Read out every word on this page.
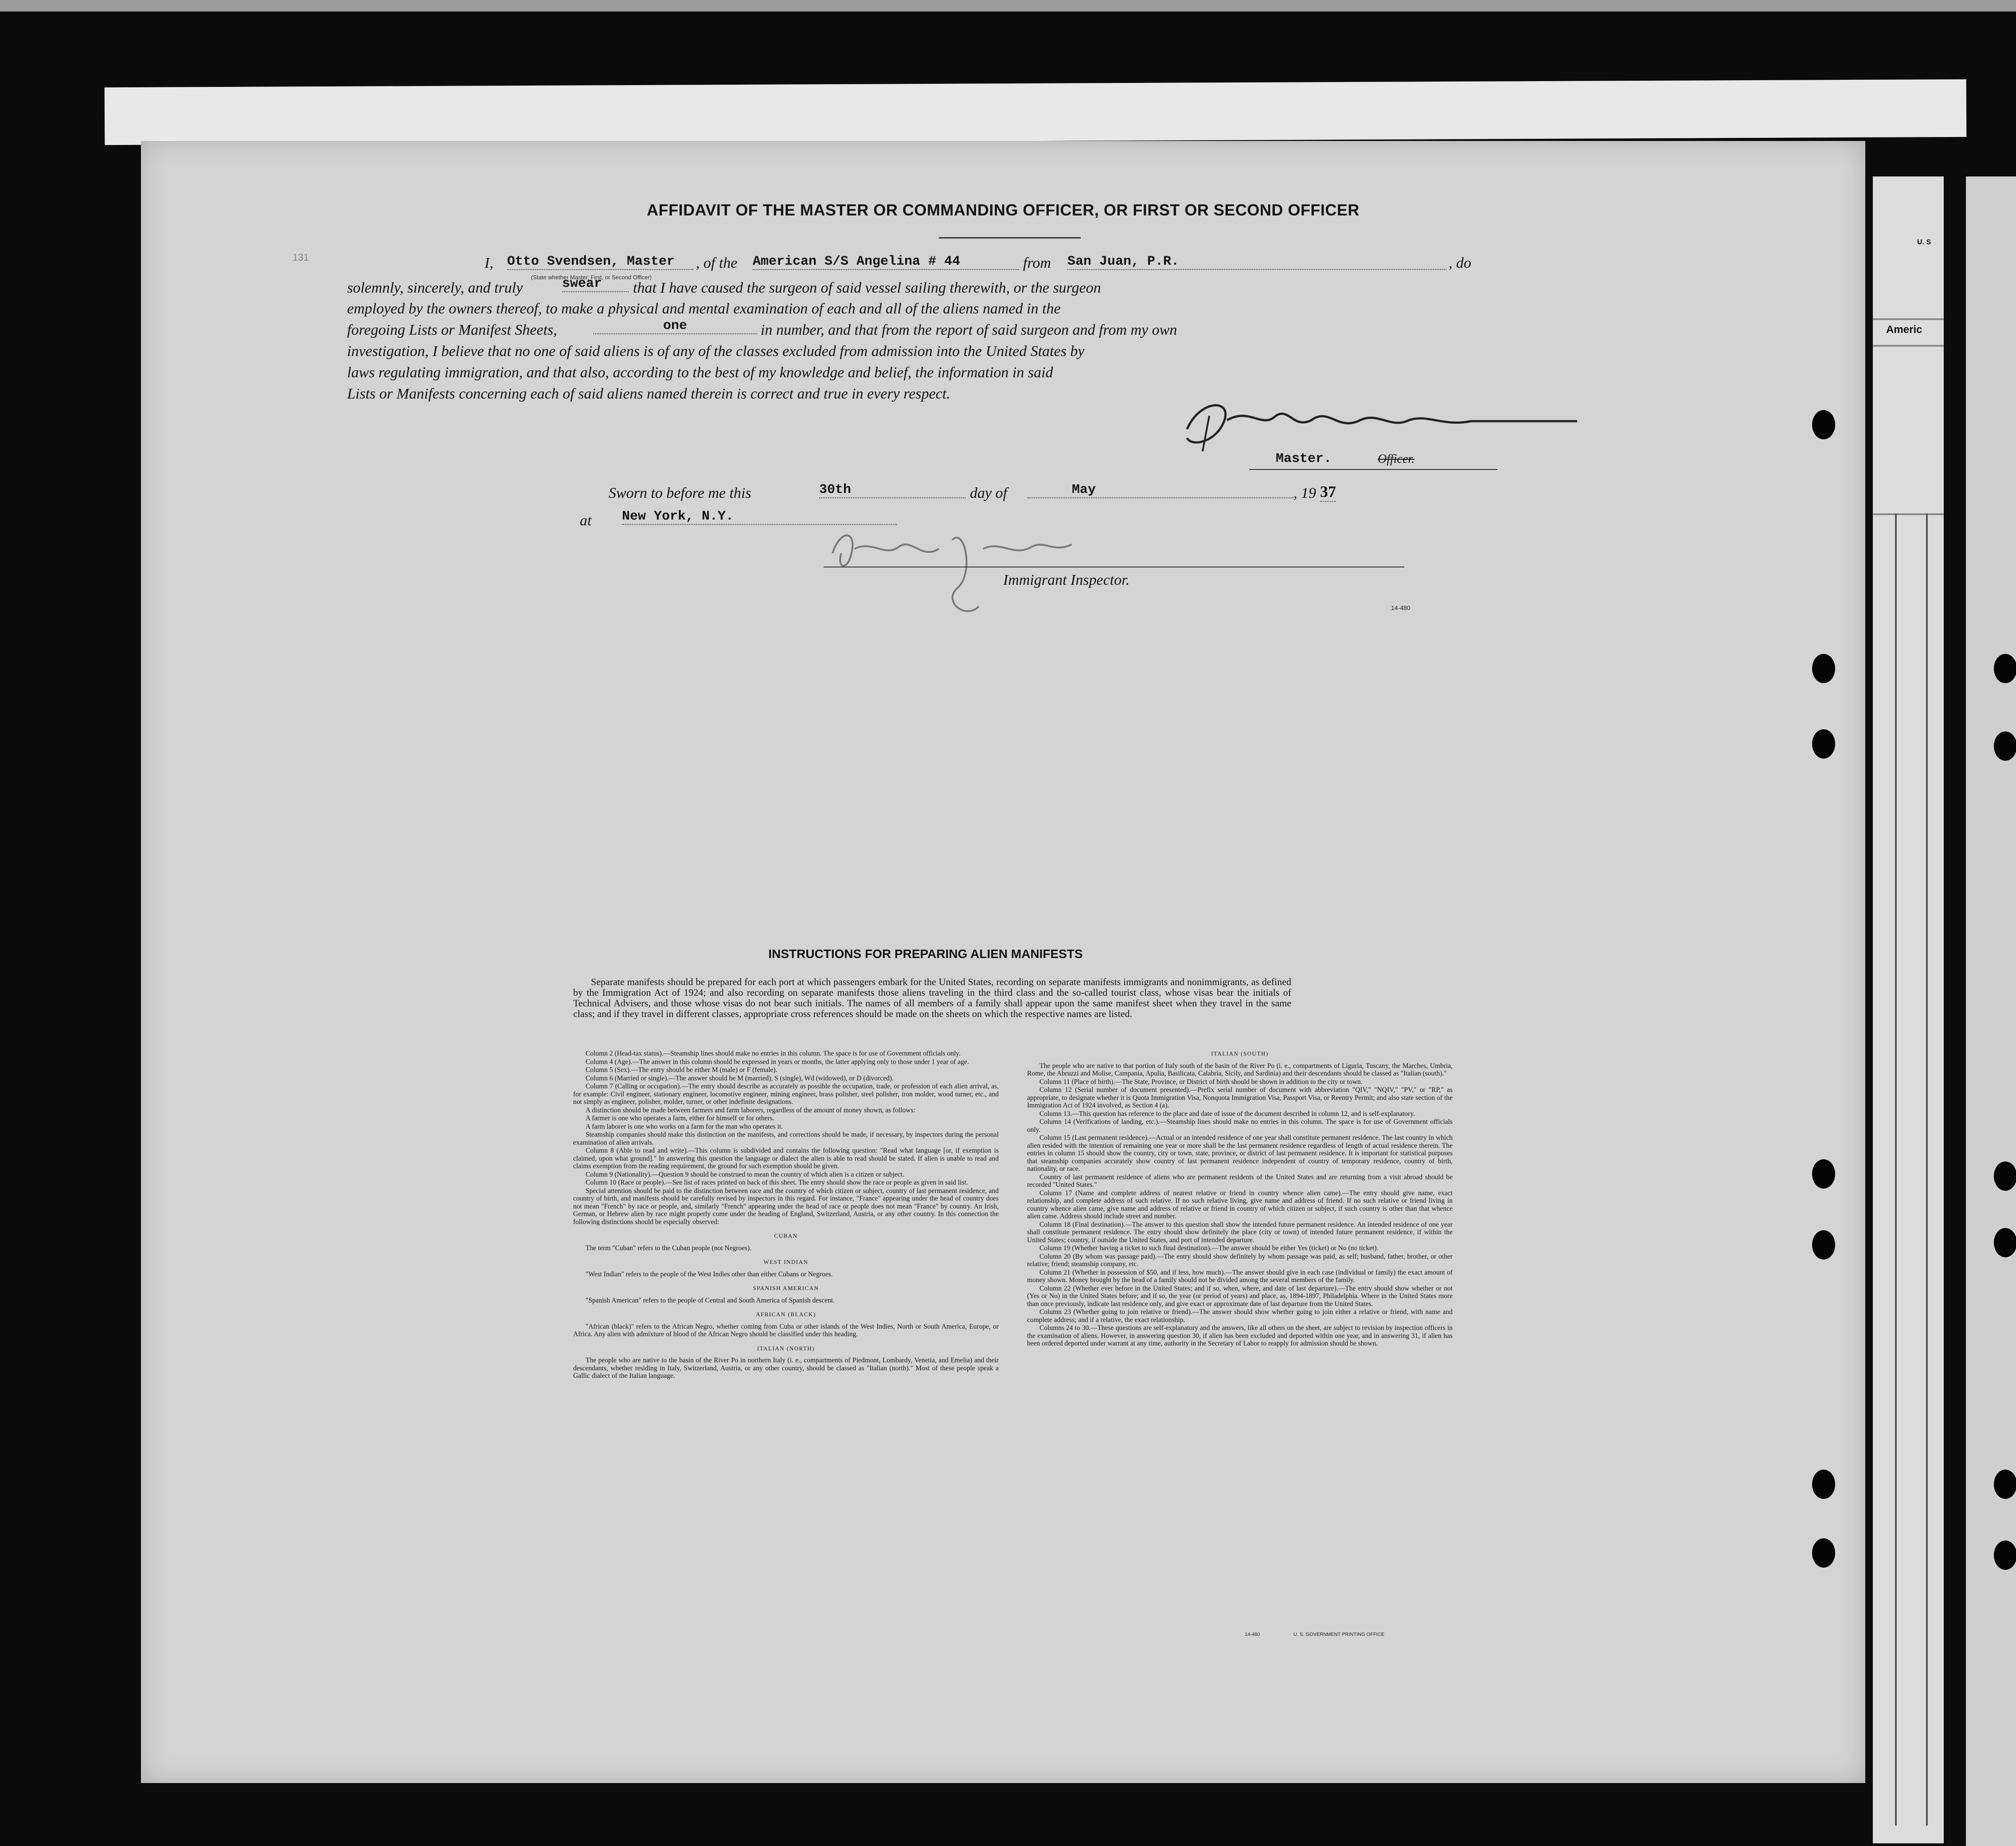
131
AFFIDAVIT OF THE MASTER OR COMMANDING OFFICER, OR FIRST OR SECOND OFFICER
I, Otto Svendsen, Master	, of the American S/S Angelina # 44	from San Juan, P.R.	, do
(State whether Master, First, or Second Officer)
solemnly, sincerely, and truly	swear	that I have caused the surgeon of said vessel sailing therewith, or the surgeon
employed by the owners thereof, to make a physical and mental examination of each and all of the aliens named in the
foregoing Lists or Manifest Sheets,	one	in number, and that from the report of said surgeon and from my own
investigation, I believe that no one of said aliens is of any of the classes excluded from admission into the United States by
laws regulating immigration, and that also, according to the best of my knowledge and belief, the information in said
Lists or Manifests concerning each of said aliens named therein is correct and true in every respect.
Master.	Officer.
Sworn to before me this	30th	day of	May	, 19 37
at New York, N.Y.
Immigrant Inspector.
14-480
INSTRUCTIONS FOR PREPARING ALIEN MANIFESTS
Separate manifests should be prepared for each port at which passengers embark for the United States, recording on separate manifests immigrants and nonimmigrants, as defined by the Immigration Act of 1924; and also recording on separate manifests those aliens traveling in the third class and the so-called tourist class, whose visas bear the initials of Technical Advisers, and those whose visas do not bear such initials. The names of all members of a family shall appear upon the same manifest sheet when they travel in the same class; and if they travel in different classes, appropriate cross references should be made on the sheets on which the respective names are listed.

Column 2 (Head-tax status).—Steamship lines should make no entries in this column. The space is for use of Government officials only.

Column 4 (Age).—The answer in this column should be expressed in years or months, the latter applying only to those under 1 year of age.

Column 5 (Sex).—The entry should be either M (male) or F (female).

Column 6 (Married or single).—The answer should be M (married), S (single), Wd (widowed), or D (divorced).

Column 7 (Calling or occupation).—The entry should describe as accurately as possible the occupation, trade, or profession of each alien arrival, as, for example: Civil engineer, stationary engineer, locomotive engineer, mining engineer, brass polisher, steel polisher, iron molder, wood turner, etc., and not simply as engineer, polisher, molder, turner, or other indefinite designations.

A distinction should be made between farmers and farm laborers, regardless of the amount of money shown, as follows:

A farmer is one who operates a farm, either for himself or for others.

A farm laborer is one who works on a farm for the man who operates it.

Steamship companies should make this distinction on the manifests, and corrections should be made, if necessary, by inspectors during the personal examination of alien arrivals.

Column 8 (Able to read and write).—This column is subdivided and contains the following question: "Read what language [or, if exemption is claimed, upon what ground]." In answering this question the language or dialect the alien is able to read should be stated. If alien is unable to read and claims exemption from the reading requirement, the ground for such exemption should be given.

Column 9 (Nationality).—Question 9 should be construed to mean the country of which alien is a citizen or subject.

Column 10 (Race or people).—See list of races printed on back of this sheet. The entry should show the race or people as given in said list.

Special attention should be paid to the distinction between race and the country of which citizen or subject, country of last permanent residence, and country of birth, and manifests should be carefully revised by inspectors in this regard. For instance, "France" appearing under the head of country does not mean "French" by race or people, and, similarly "French" appearing under the head of race or people does not mean "France" by country. An Irish, German, or Hebrew alien by race might properly come under the heading of England, Switzerland, Austria, or any other country. In this connection the following distinctions should be especially observed:

CUBAN

The term "Cuban" refers to the Cuban people (not Negroes).

WEST INDIAN

"West Indian" refers to the people of the West Indies other than either Cubans or Negroes.

SPANISH AMERICAN

"Spanish American" refers to the people of Central and South America of Spanish descent.

AFRICAN (BLACK)

"African (black)" refers to the African Negro, whether coming from Cuba or other islands of the West Indies, North or South America, Europe, or Africa. Any alien with admixture of blood of the African Negro should be classified under this heading.

ITALIAN (NORTH)

The people who are native to the basin of the River Po in northern Italy (i. e., compartments of Piedmont, Lombardy, Venetia, and Emelia) and their descendants, whether residing in Italy, Switzerland, Austria, or any other country, should be classed as "Italian (north)." Most of these people speak a Gallic dialect of the Italian language.

ITALIAN (SOUTH)

The people who are native to that portion of Italy south of the basin of the River Po (i. e., compartments of Liguria, Tuscany, the Marches, Umbria, Rome, the Abruzzi and Molise, Campania, Apulia, Basilicata, Calabria, Sicily, and Sardinia) and their descendants should be classed as "Italian (south)."

Column 11 (Place of birth).—The State, Province, or District of birth should be shown in addition to the city or town.

Column 12 (Serial number of document presented).—Prefix serial number of document with abbreviation "QIV," "NQIV," "PV," or "RP," as appropriate, to designate whether it is Quota Immigration Visa, Nonquota Immigration Visa, Passport Visa, or Reentry Permit; and also state section of the Immigration Act of 1924 involved, as Section 4 (a).

Column 13.—This question has reference to the place and date of issue of the document described in column 12, and is self-explanatory.

Column 14 (Verifications of landing, etc.).—Steamship lines should make no entries in this column. The space is for use of Government officials only.

Column 15 (Last permanent residence).—Actual or an intended residence of one year shall constitute permanent residence. The last country in which alien resided with the intention of remaining one year or more shall be the last permanent residence regardless of length of actual residence therein. The entries in column 15 should show the country, city or town, state, province, or district of last permanent residence. It is important for statistical purposes that steamship companies accurately show country of last permanent residence independent of country of temporary residence, country of birth, nationality, or race.

Country of last permanent residence of aliens who are permanent residents of the United States and are returning from a visit abroad should be recorded "United States."

Column 17 (Name and complete address of nearest relative or friend in country whence alien came).—The entry should give name, exact relationship, and complete address of such relative. If no such relative living, give name and address of friend. If no such relative or friend living in country whence alien came, give name and address of relative or friend in country of which citizen or subject, if such country is other than that whence alien came. Address should include street and number.

Column 18 (Final destination).—The answer to this question shall show the intended future permanent residence. An intended residence of one year shall constitute permanent residence. The entry should show definitely the place (city or town) of intended future permanent residence, if within the United States; country, if outside the United States, and port of intended departure.

Column 19 (Whether having a ticket to such final destination).—The answer should be either Yes (ticket) or No (no ticket).

Column 20 (By whom was passage paid).—The entry should show definitely by whom passage was paid, as self; husband, father, brother, or other relative; friend; steamship company, etc.

Column 21 (Whether in possession of $50, and if less, how much).—The answer should give in each case (individual or family) the exact amount of money shown. Money brought by the head of a family should not be divided among the several members of the family.

Column 22 (Whether ever before in the United States; and if so, when, where, and date of last departure).—The entry should show whether or not (Yes or No) in the United States before; and if so, the year (or period of years) and place, as, 1894-1897, Philadelphia. Where in the United States more than once previously, indicate last residence only, and give exact or approximate date of last departure from the United States.

Column 23 (Whether going to join relative or friend).—The answer should show whether going to join either a relative or friend, with name and complete address; and if a relative, the exact relationship.

Columns 24 to 30.—These questions are self-explanatory and the answers, like all others on the sheet, are subject to revision by inspection officers in the examination of aliens. However, in answering question 30, if alien has been excluded and deported within one year, and in answering 31, if alien has been ordered deported under warrant at any time, authority in the Secretary of Labor to reapply for admission should be shown.

14-480	U. S. GOVERNMENT PRINTING OFFICE
Americ
U. S
